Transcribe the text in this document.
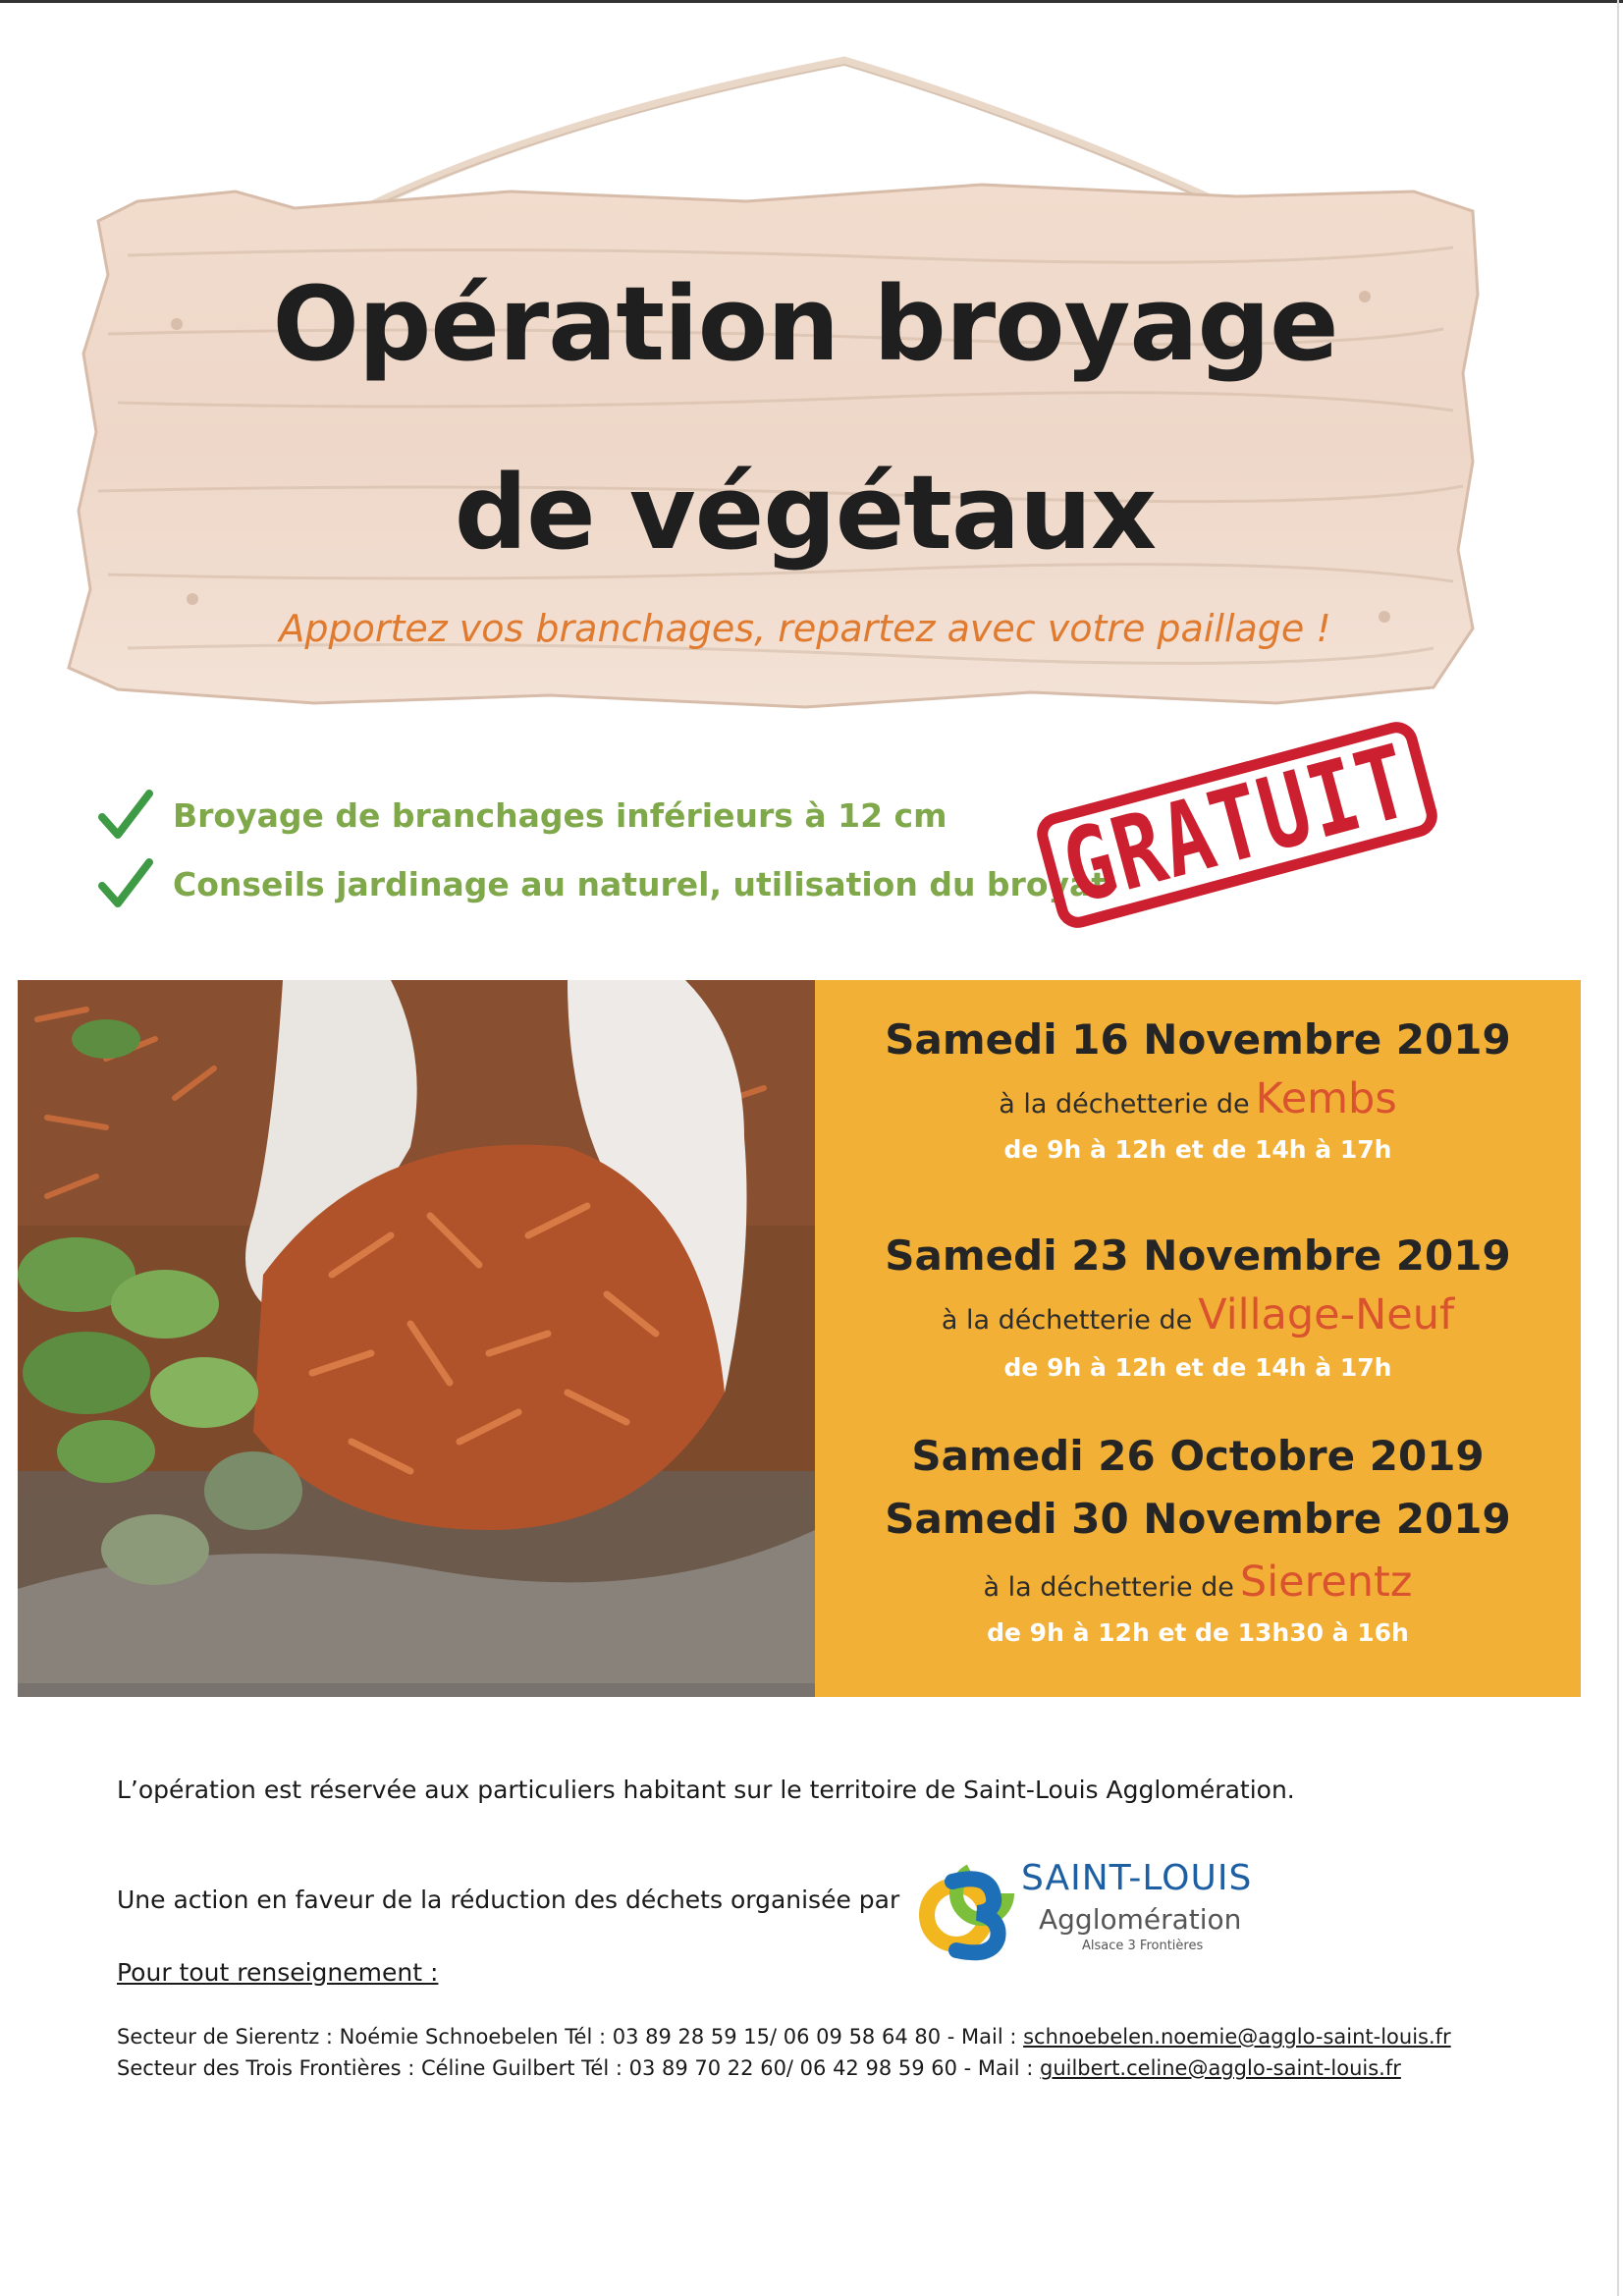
Opération broyage
de végétaux
Apportez vos branchages, repartez avec votre paillage !
Broyage de branchages inférieurs à 12 cm
Conseils jardinage au naturel, utilisation du broyat
GRATUIT
Samedi 16 Novembre 2019
à la déchetterie de Kembs
de 9h à 12h et de 14h à 17h
Samedi 23 Novembre 2019
à la déchetterie de Village-Neuf
de 9h à 12h et de 14h à 17h
Samedi 26 Octobre 2019
Samedi 30 Novembre 2019
à la déchetterie de Sierentz
de 9h à 12h et de 13h30 à 16h
L’opération est réservée aux particuliers habitant sur le territoire de Saint-Louis Agglomération.
Une action en faveur de la réduction des déchets organisée par
SAINT-LOUIS
Agglomération
Alsace 3 Frontières
Pour tout renseignement :
Secteur de Sierentz : Noémie Schnoebelen Tél : 03 89 28 59 15/ 06 09 58 64 80 - Mail : schnoebelen.noemie@agglo-saint-louis.fr
Secteur des Trois Frontières : Céline Guilbert Tél : 03 89 70 22 60/ 06 42 98 59 60 - Mail : guilbert.celine@agglo-saint-louis.fr
